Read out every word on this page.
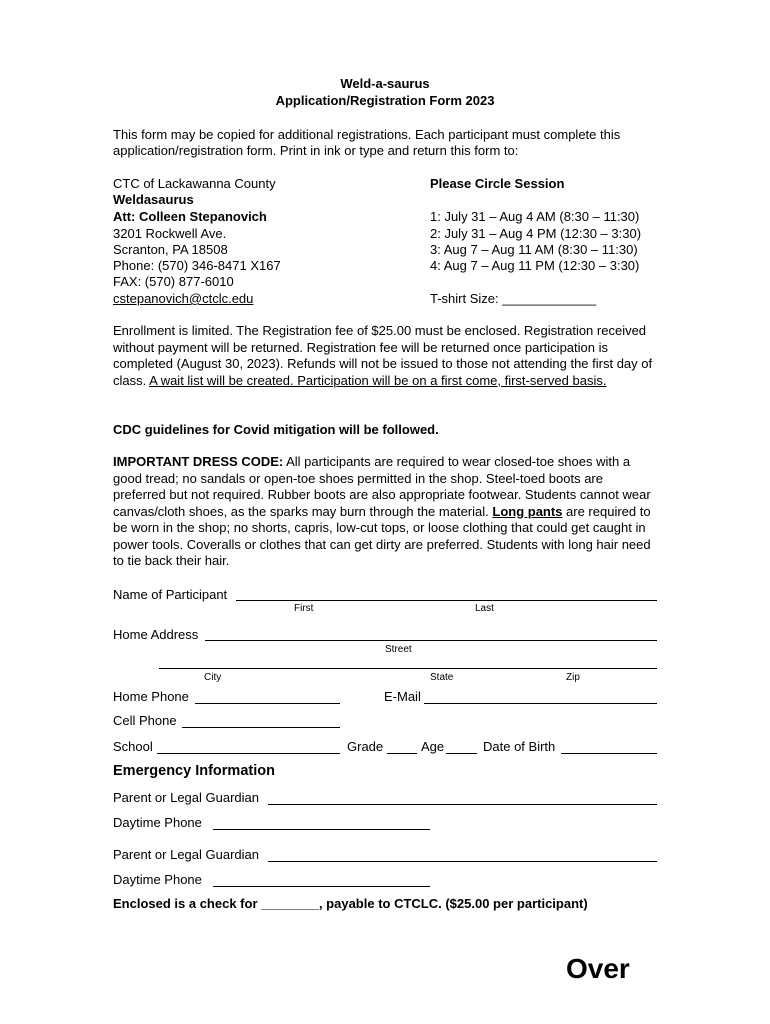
Weld-a-saurus
Application/Registration Form 2023
This form may be copied for additional registrations. Each participant must complete this
application/registration form. Print in ink or type and return this form to:
CTC of Lackawanna County
Weldasaurus
Att: Colleen Stepanovich
3201 Rockwell Ave.
Scranton, PA 18508
Phone: (570) 346-8471 X167
FAX: (570) 877-6010
cstepanovich@ctclc.edu
Please Circle Session
1: July 31 – Aug 4 AM (8:30 – 11:30)
2: July 31 – Aug 4 PM (12:30 – 3:30)
3: Aug 7 – Aug 11 AM (8:30 – 11:30)
4: Aug 7 – Aug 11 PM (12:30 – 3:30)
T-shirt Size: _____________
Enrollment is limited. The Registration fee of $25.00 must be enclosed. Registration received without payment will be returned. Registration fee will be returned once participation is completed (August 30, 2023). Refunds will not be issued to those not attending the first day of class. A wait list will be created. Participation will be on a first come, first-served basis.
CDC guidelines for Covid mitigation will be followed.
IMPORTANT DRESS CODE: All participants are required to wear closed-toe shoes with a good tread; no sandals or open-toe shoes permitted in the shop. Steel-toed boots are preferred but not required. Rubber boots are also appropriate footwear. Students cannot wear canvas/cloth shoes, as the sparks may burn through the material. Long pants are required to be worn in the shop; no shorts, capris, low-cut tops, or loose clothing that could get caught in power tools. Coveralls or clothes that can get dirty are preferred. Students with long hair need to tie back their hair.
Name of Participant
First	Last
Home Address
Street
City	State	Zip
Home Phone	E-Mail
Cell Phone
School	Grade	Age	Date of Birth
Emergency Information
Parent or Legal Guardian
Daytime Phone
Parent or Legal Guardian
Daytime Phone
Enclosed is a check for ________, payable to CTCLC. ($25.00 per participant)
Over
